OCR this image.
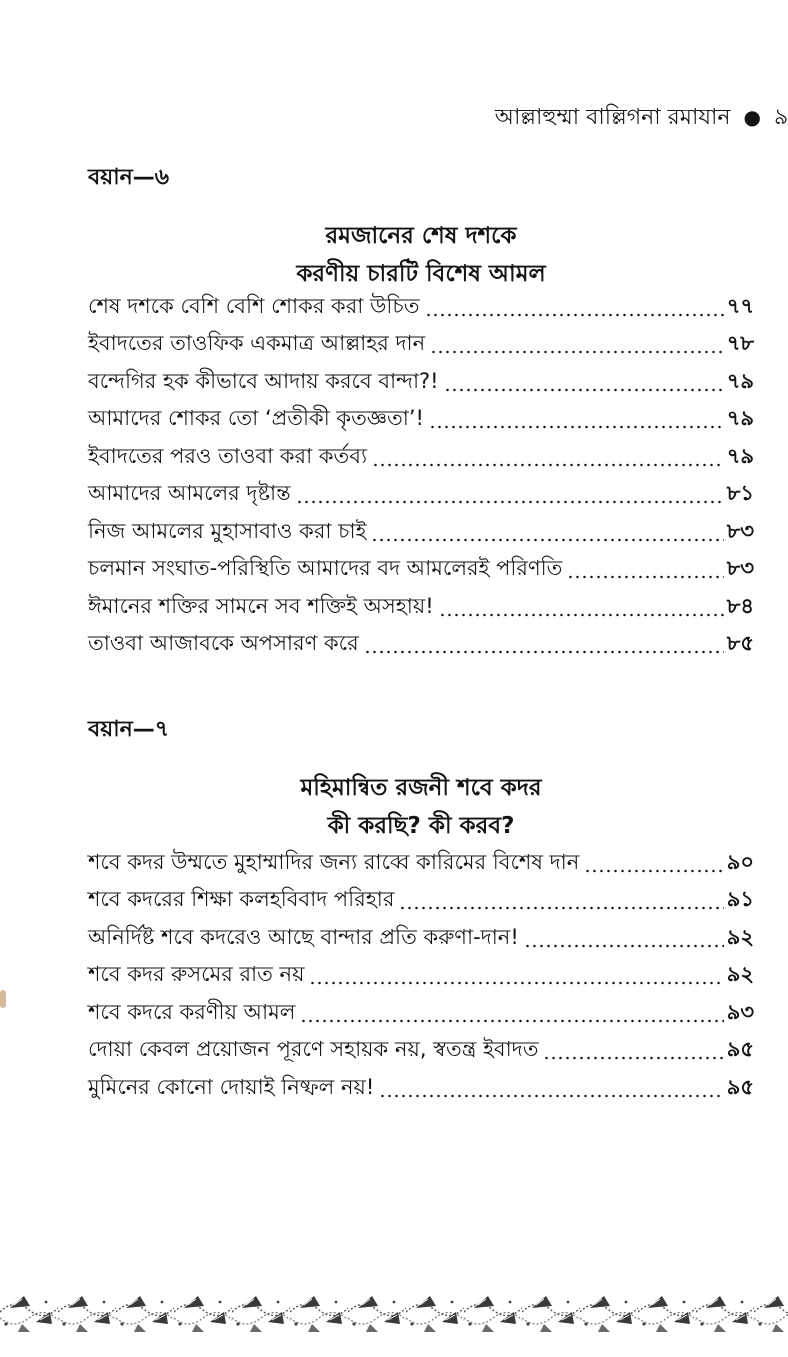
আল্লাহুম্মা বাল্লিগনা রমাযান ● ৯
বয়ান—৬
রমজানের শেষ দশকে
করণীয় চারটি বিশেষ আমল
শেষ দশকে বেশি বেশি শোকর করা উচিত	৭৭
ইবাদতের তাওফিক একমাত্র আল্লাহর দান	৭৮
বন্দেগির হক কীভাবে আদায় করবে বান্দা?!	৭৯
আমাদের শোকর তো ‘প্রতীকী কৃতজ্ঞতা’!	৭৯
ইবাদতের পরও তাওবা করা কর্তব্য	৭৯
আমাদের আমলের দৃষ্টান্ত	৮১
নিজ আমলের মুহাসাবাও করা চাই	৮৩
চলমান সংঘাত-পরিস্থিতি আমাদের বদ আমলেরই পরিণতি	৮৩
ঈমানের শক্তির সামনে সব শক্তিই অসহায়!	৮৪
তাওবা আজাবকে অপসারণ করে	৮৫
বয়ান—৭
মহিমান্বিত রজনী শবে কদর
কী করছি? কী করব?
শবে কদর উম্মতে মুহাম্মাদির জন্য রাব্বে কারিমের বিশেষ দান	৯০
শবে কদরের শিক্ষা কলহবিবাদ পরিহার	৯১
অনির্দিষ্ট শবে কদরেও আছে বান্দার প্রতি করুণা-দান!	৯২
শবে কদর রুসমের রাত নয়	৯২
শবে কদরে করণীয় আমল	৯৩
দোয়া কেবল প্রয়োজন পূরণে সহায়ক নয়, স্বতন্ত্র ইবাদত	৯৫
মুমিনের কোনো দোয়াই নিষ্ফল নয়!	৯৫
